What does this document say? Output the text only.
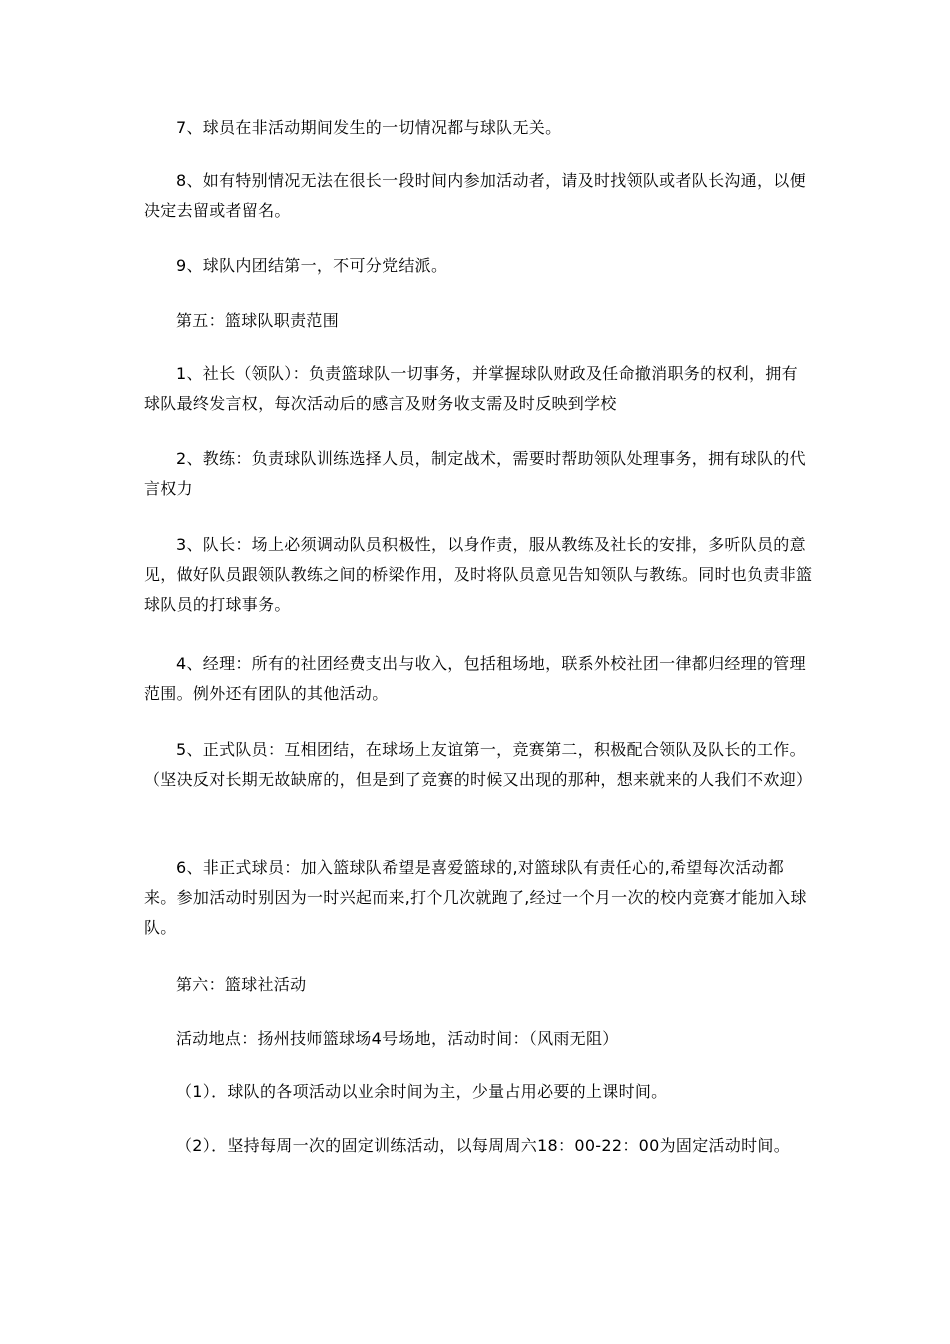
7、球员在非活动期间发生的一切情况都与球队无关。

8、如有特别情况无法在很长一段时间内参加活动者，请及时找领队或者队长沟通，以便决定去留或者留名。

9、球队内团结第一，不可分党结派。

第五：篮球队职责范围

1、社长（领队）：负责篮球队一切事务，并掌握球队财政及任命撤消职务的权利，拥有球队最终发言权，每次活动后的感言及财务收支需及时反映到学校

2、教练：负责球队训练选择人员，制定战术，需要时帮助领队处理事务，拥有球队的代言权力

3、队长：场上必须调动队员积极性，以身作责，服从教练及社长的安排，多听队员的意见，做好队员跟领队教练之间的桥梁作用，及时将队员意见告知领队与教练。同时也负责非篮球队员的打球事务。

4、经理：所有的社团经费支出与收入，包括租场地，联系外校社团一律都归经理的管理范围。例外还有团队的其他活动。

5、正式队员：互相团结，在球场上友谊第一，竞赛第二，积极配合领队及队长的工作。（坚决反对长期无故缺席的，但是到了竞赛的时候又出现的那种，想来就来的人我们不欢迎）

6、非正式球员：加入篮球队希望是喜爱篮球的,对篮球队有责任心的,希望每次活动都来。参加活动时别因为一时兴起而来,打个几次就跑了,经过一个月一次的校内竞赛才能加入球队。

第六：篮球社活动

活动地点：扬州技师篮球场4号场地，活动时间：（风雨无阻）

（1）．球队的各项活动以业余时间为主，少量占用必要的上课时间。

（2）．坚持每周一次的固定训练活动，以每周周六18：00-22：00为固定活动时间。
